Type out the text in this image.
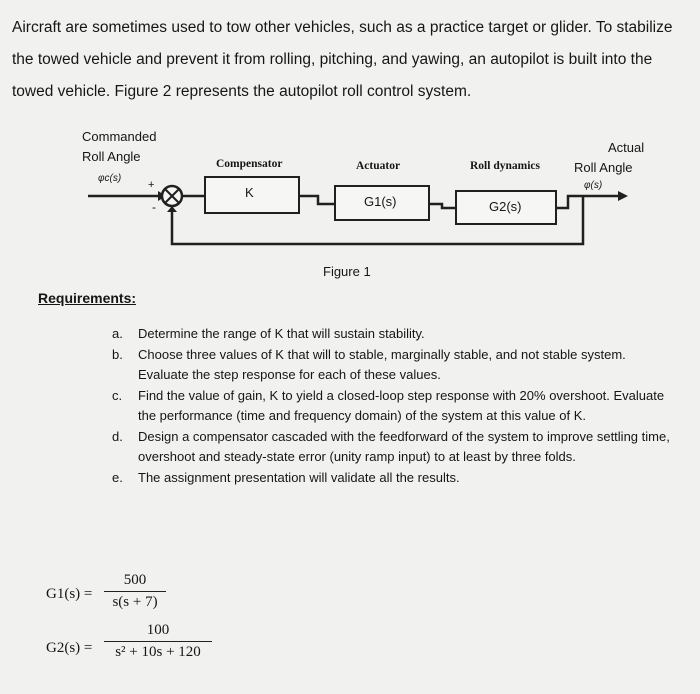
Aircraft are sometimes used to tow other vehicles, such as a practice target or glider. To stabilize
the towed vehicle and prevent it from rolling, pitching, and yawing, an autopilot is built into the
towed vehicle. Figure 2 represents the autopilot roll control system.
Commanded
Roll Angle
φc(s)
+
-
Compensator
K
Actuator
G1(s)
Roll dynamics
G2(s)
Actual
Roll Angle
φ(s)
Figure 1
Requirements:
a. Determine the range of K that will sustain stability.
b. Choose three values of K that will to stable, marginally stable, and not stable system. Evaluate the step response for each of these values.
c. Find the value of gain, K to yield a closed-loop step response with 20% overshoot. Evaluate the performance (time and frequency domain) of the system at this value of K.
d. Design a compensator cascaded with the feedforward of the system to improve settling time, overshoot and steady-state error (unity ramp input) to at least by three folds.
e. The assignment presentation will validate all the results.
G1(s) =
500
s(s + 7)
G2(s) =
100
s² + 10s + 120
